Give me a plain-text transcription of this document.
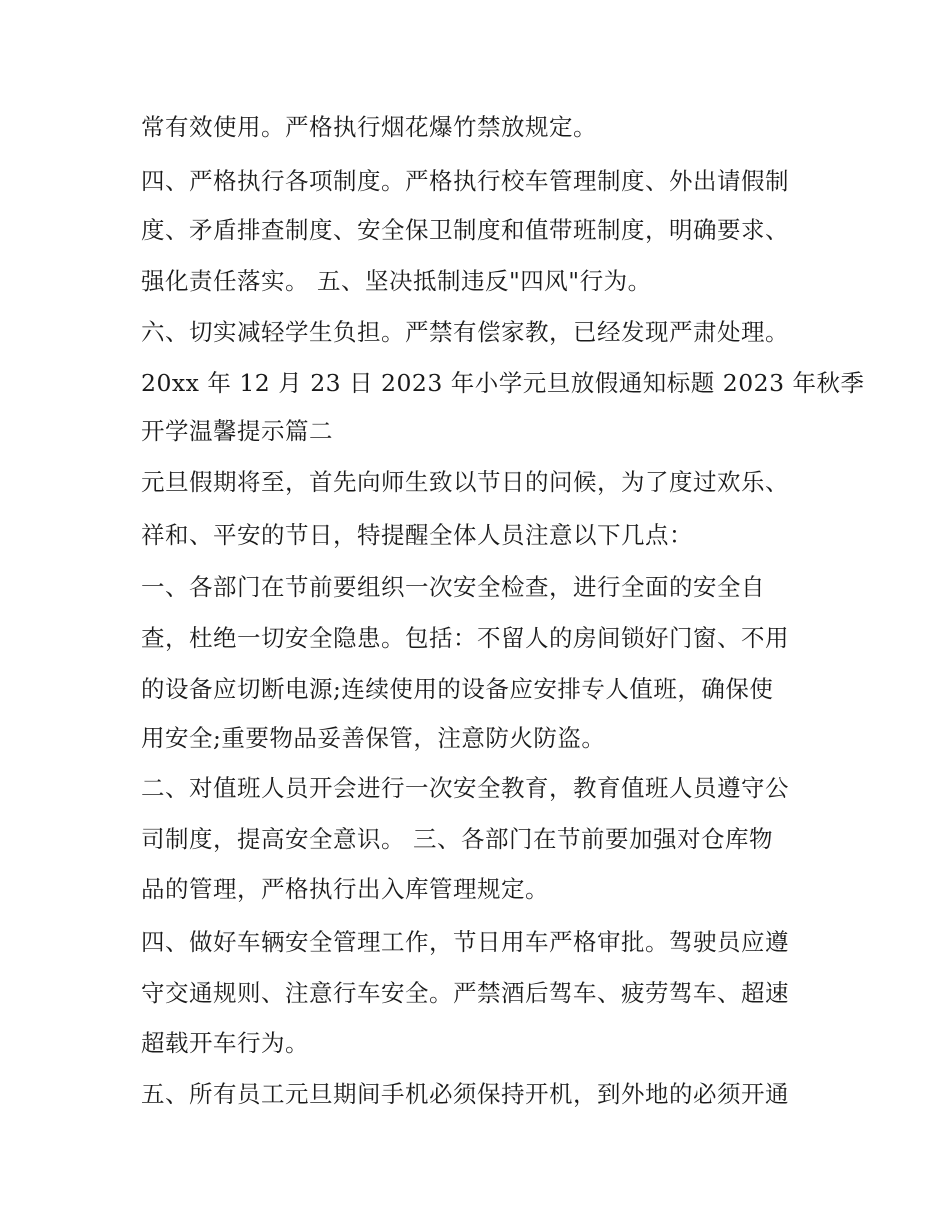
常有效使用。严格执行烟花爆竹禁放规定。
四、严格执行各项制度。严格执行校车管理制度、外出请假制
度、矛盾排查制度、安全保卫制度和值带班制度，明确要求、
强化责任落实。 五、坚决抵制违反"四风"行为。
六、切实减轻学生负担。严禁有偿家教，已经发现严肃处理。
20xx 年 12 月 23 日 2023 年小学元旦放假通知标题 2023 年秋季
开学温馨提示篇二
元旦假期将至，首先向师生致以节日的问候，为了度过欢乐、
祥和、平安的节日，特提醒全体人员注意以下几点：
一、各部门在节前要组织一次安全检查，进行全面的安全自
查，杜绝一切安全隐患。包括：不留人的房间锁好门窗、不用
的设备应切断电源;连续使用的设备应安排专人值班，确保使
用安全;重要物品妥善保管，注意防火防盗。
二、对值班人员开会进行一次安全教育，教育值班人员遵守公
司制度，提高安全意识。 三、各部门在节前要加强对仓库物
品的管理，严格执行出入库管理规定。
四、做好车辆安全管理工作，节日用车严格审批。驾驶员应遵
守交通规则、注意行车安全。严禁酒后驾车、疲劳驾车、超速
超载开车行为。
五、所有员工元旦期间手机必须保持开机，到外地的必须开通
